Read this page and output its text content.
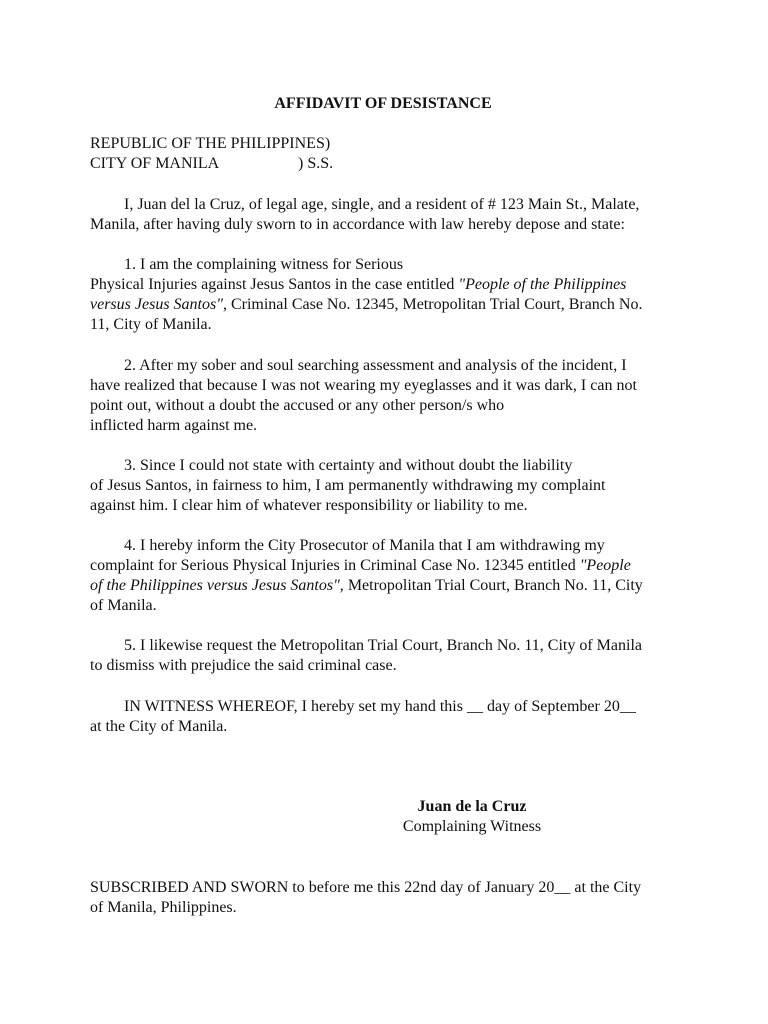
AFFIDAVIT OF DESISTANCE
REPUBLIC OF THE PHILIPPINES)
CITY OF MANILA	) S.S.
I, Juan del la Cruz, of legal age, single, and a resident of # 123 Main St., Malate,
Manila, after having duly sworn to in accordance with law hereby depose and state:
1. I am the complaining witness for Serious
Physical Injuries against Jesus Santos in the case entitled "People of the Philippines
versus Jesus Santos", Criminal Case No. 12345, Metropolitan Trial Court, Branch No.
11, City of Manila.
2. After my sober and soul searching assessment and analysis of the incident, I
have realized that because I was not wearing my eyeglasses and it was dark, I can not
point out, without a doubt the accused or any other person/s who
inflicted harm against me.
3. Since I could not state with certainty and without doubt the liability
of Jesus Santos, in fairness to him, I am permanently withdrawing my complaint
against him. I clear him of whatever responsibility or liability to me.
4. I hereby inform the City Prosecutor of Manila that I am withdrawing my
complaint for Serious Physical Injuries in Criminal Case No. 12345 entitled "People
of the Philippines versus Jesus Santos", Metropolitan Trial Court, Branch No. 11, City
of Manila.
5. I likewise request the Metropolitan Trial Court, Branch No. 11, City of Manila
to dismiss with prejudice the said criminal case.
IN WITNESS WHEREOF, I hereby set my hand this __ day of September 20__
at the City of Manila.
Juan de la Cruz
Complaining Witness
SUBSCRIBED AND SWORN to before me this 22nd day of January 20__ at the City
of Manila, Philippines.
